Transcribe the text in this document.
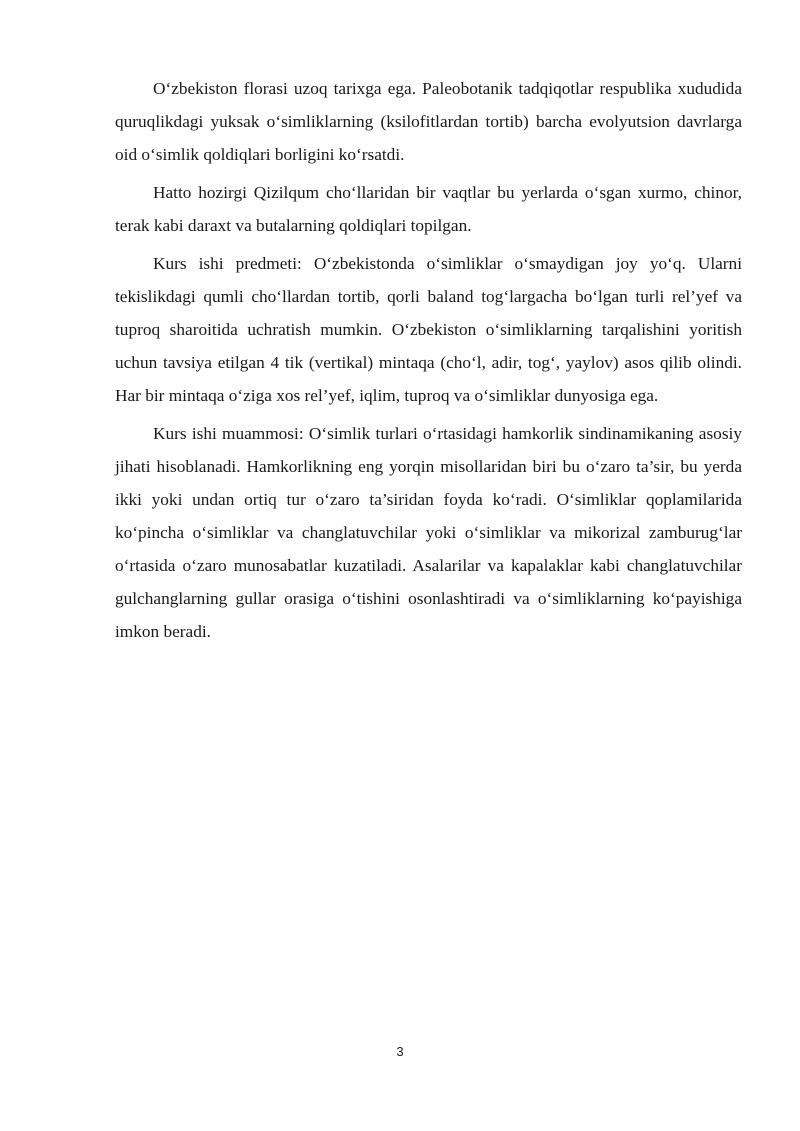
O‘zbekiston florasi uzoq tarixga ega. Paleobotanik tadqiqotlar respublika xududida quruqlikdagi yuksak o‘simliklarning (ksilofitlardan tortib) barcha evolyutsion davrlarga oid o‘simlik qoldiqlari borligini ko‘rsatdi.

Hatto hozirgi Qizilqum cho‘llaridan bir vaqtlar bu yerlarda o‘sgan xurmo, chinor, terak kabi daraxt va butalarning qoldiqlari topilgan.

Kurs ishi predmeti: O‘zbekistonda o‘simliklar o‘smaydigan joy yo‘q. Ularni tekislikdagi qumli cho‘llardan tortib, qorli baland tog‘largacha bo‘lgan turli rel’yef va tuproq sharoitida uchratish mumkin. O‘zbekiston o‘simliklarning tarqalishini yoritish uchun tavsiya etilgan 4 tik (vertikal) mintaqa (cho‘l, adir, tog‘, yaylov) asos qilib olindi. Har bir mintaqa o‘ziga xos rel’yef, iqlim, tuproq va o‘simliklar dunyosiga ega.

Kurs ishi muammosi: O‘simlik turlari o‘rtasidagi hamkorlik sindinamikaning asosiy jihati hisoblanadi. Hamkorlikning eng yorqin misollaridan biri bu o‘zaro ta’sir, bu yerda ikki yoki undan ortiq tur o‘zaro ta’siridan foyda ko‘radi. O‘simliklar qoplamilarida ko‘pincha o‘simliklar va changlatuvchilar yoki o‘simliklar va mikorizal zamburug‘lar o‘rtasida o‘zaro munosabatlar kuzatiladi. Asalarilar va kapalaklar kabi changlatuvchilar gulchanglarning gullar orasiga o‘tishini osonlashtiradi va o‘simliklarning ko‘payishiga imkon beradi.

3
